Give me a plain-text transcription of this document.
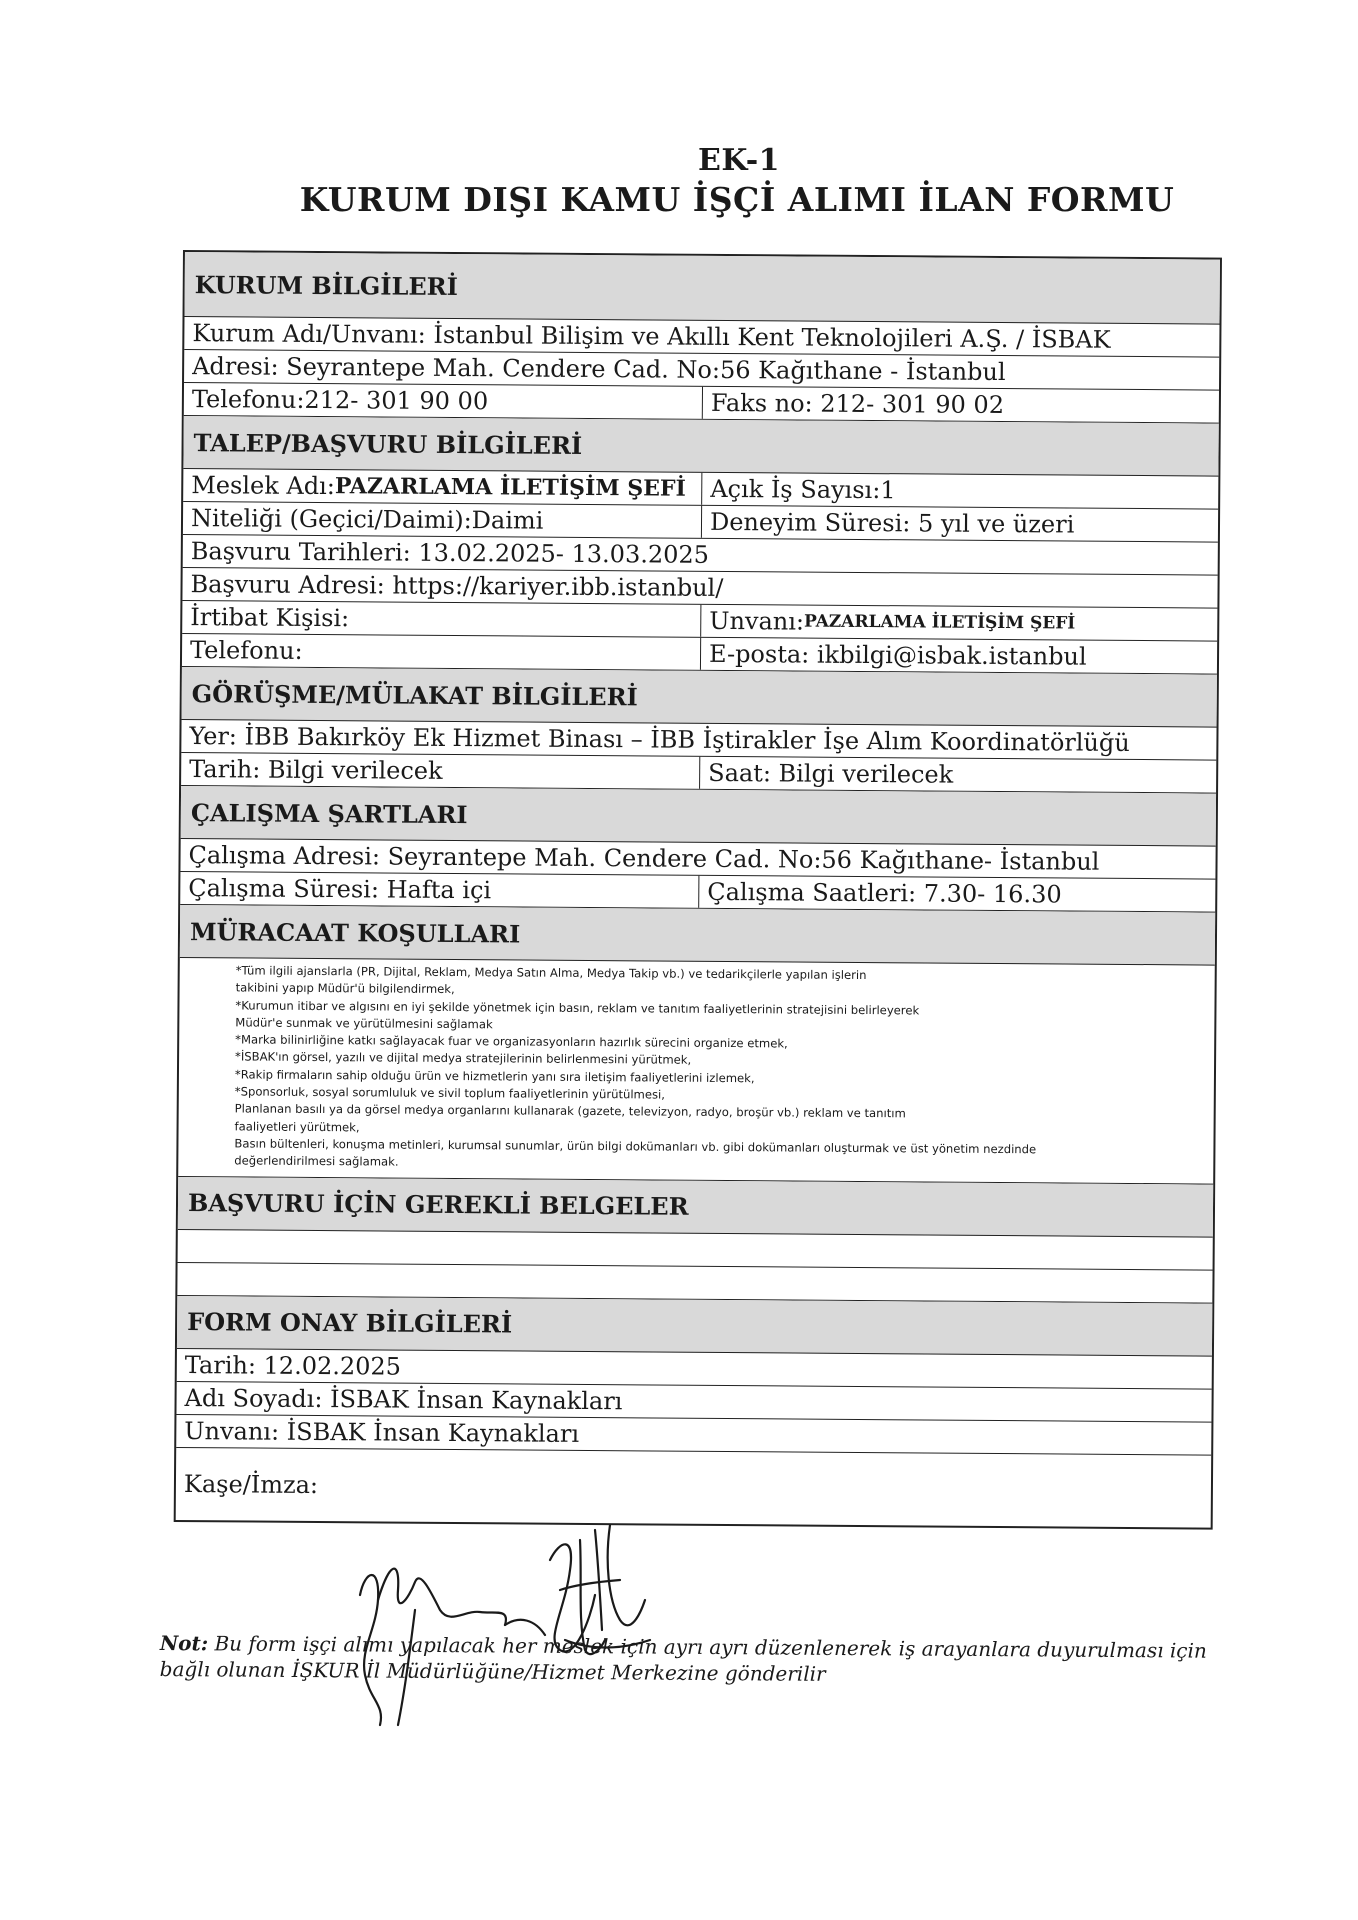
EK-1
KURUM DIŞI KAMU İŞÇİ ALIMI İLAN FORMU
KURUM BİLGİLERİ
Kurum Adı/Unvanı: İstanbul Bilişim ve Akıllı Kent Teknolojileri A.Ş. / İSBAK
Adresi: Seyrantepe Mah. Cendere Cad. No:56 Kağıthane - İstanbul
Telefonu:212- 301 90 00	Faks no: 212- 301 90 02
TALEP/BAŞVURU BİLGİLERİ
Meslek Adı: PAZARLAMA İLETİŞİM ŞEFİ	Açık İş Sayısı:1
Niteliği (Geçici/Daimi):Daimi	Deneyim Süresi: 5 yıl ve üzeri
Başvuru Tarihleri: 13.02.2025- 13.03.2025
Başvuru Adresi: https://kariyer.ibb.istanbul/
İrtibat Kişisi:	Unvanı: PAZARLAMA İLETİŞİM ŞEFİ
Telefonu:	E-posta: ikbilgi@isbak.istanbul
GÖRÜŞME/MÜLAKAT BİLGİLERİ
Yer: İBB Bakırköy Ek Hizmet Binası – İBB İştirakler İşe Alım Koordinatörlüğü
Tarih: Bilgi verilecek	Saat: Bilgi verilecek
ÇALIŞMA ŞARTLARI
Çalışma Adresi: Seyrantepe Mah. Cendere Cad. No:56 Kağıthane- İstanbul
Çalışma Süresi: Hafta içi	Çalışma Saatleri: 7.30- 16.30
MÜRACAAT KOŞULLARI
*Tüm ilgili ajanslarla (PR, Dijital, Reklam, Medya Satın Alma, Medya Takip vb.) ve tedarikçilerle yapılan işlerin
takibini yapıp Müdür'ü bilgilendirmek,
*Kurumun itibar ve algısını en iyi şekilde yönetmek için basın, reklam ve tanıtım faaliyetlerinin stratejisini belirleyerek
Müdür'e sunmak ve yürütülmesini sağlamak
*Marka bilinirliğine katkı sağlayacak fuar ve organizasyonların hazırlık sürecini organize etmek,
*İSBAK'ın görsel, yazılı ve dijital medya stratejilerinin belirlenmesini yürütmek,
*Rakip firmaların sahip olduğu ürün ve hizmetlerin yanı sıra iletişim faaliyetlerini izlemek,
*Sponsorluk, sosyal sorumluluk ve sivil toplum faaliyetlerinin yürütülmesi,
Planlanan basılı ya da görsel medya organlarını kullanarak (gazete, televizyon, radyo, broşür vb.) reklam ve tanıtım
faaliyetleri yürütmek,
Basın bültenleri, konuşma metinleri, kurumsal sunumlar, ürün bilgi dokümanları vb. gibi dokümanları oluşturmak ve üst yönetim nezdinde
değerlendirilmesi sağlamak.
BAŞVURU İÇİN GEREKLİ BELGELER
FORM ONAY BİLGİLERİ
Tarih: 12.02.2025
Adı Soyadı: İSBAK İnsan Kaynakları
Unvanı: İSBAK İnsan Kaynakları
Kaşe/İmza:
Not: Bu form işçi alımı yapılacak her meslek için ayrı ayrı düzenlenerek iş arayanlara duyurulması için bağlı olunan İŞKUR İl Müdürlüğüne/Hizmet Merkezine gönderilir
